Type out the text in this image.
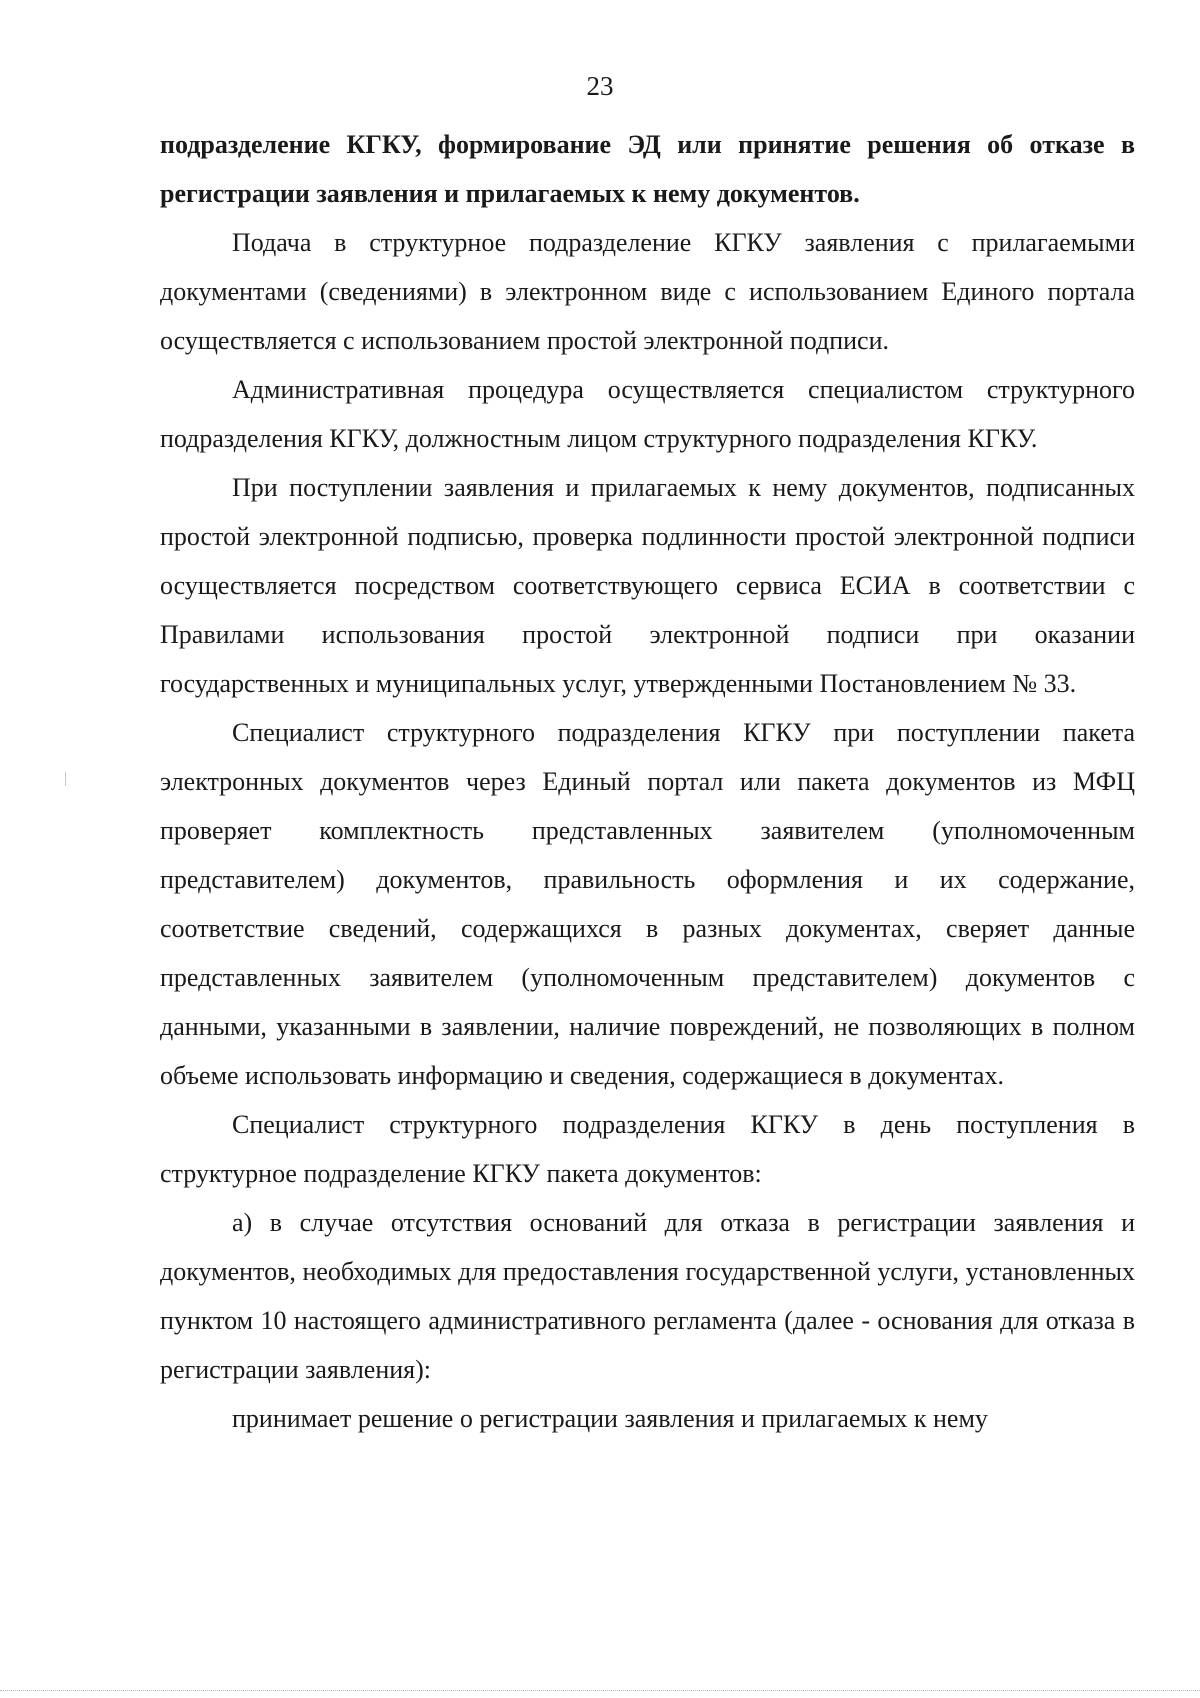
23

подразделение КГКУ, формирование ЭД или принятие решения об отказе в регистрации заявления и прилагаемых к нему документов.

Подача в структурное подразделение КГКУ заявления с прилагаемыми документами (сведениями) в электронном виде с использованием Единого портала осуществляется с использованием простой электронной подписи.

Административная процедура осуществляется специалистом структурного подразделения КГКУ, должностным лицом структурного подразделения КГКУ.

При поступлении заявления и прилагаемых к нему документов, подписанных простой электронной подписью, проверка подлинности простой электронной подписи осуществляется посредством соответствующего сервиса ЕСИА в соответствии с Правилами использования простой электронной подписи при оказании государственных и муниципальных услуг, утвержденными Постановлением № 33.

Специалист структурного подразделения КГКУ при поступлении пакета электронных документов через Единый портал или пакета документов из МФЦ проверяет комплектность представленных заявителем (уполномоченным представителем) документов, правильность оформления и их содержание, соответствие сведений, содержащихся в разных документах, сверяет данные представленных заявителем (уполномоченным представителем) документов с данными, указанными в заявлении, наличие повреждений, не позволяющих в полном объеме использовать информацию и сведения, содержащиеся в документах.

Специалист структурного подразделения КГКУ в день поступления в структурное подразделение КГКУ пакета документов:

а) в случае отсутствия оснований для отказа в регистрации заявления и документов, необходимых для предоставления государственной услуги, установленных пунктом 10 настоящего административного регламента (далее - основания для отказа в регистрации заявления):

принимает решение о регистрации заявления и прилагаемых к нему
